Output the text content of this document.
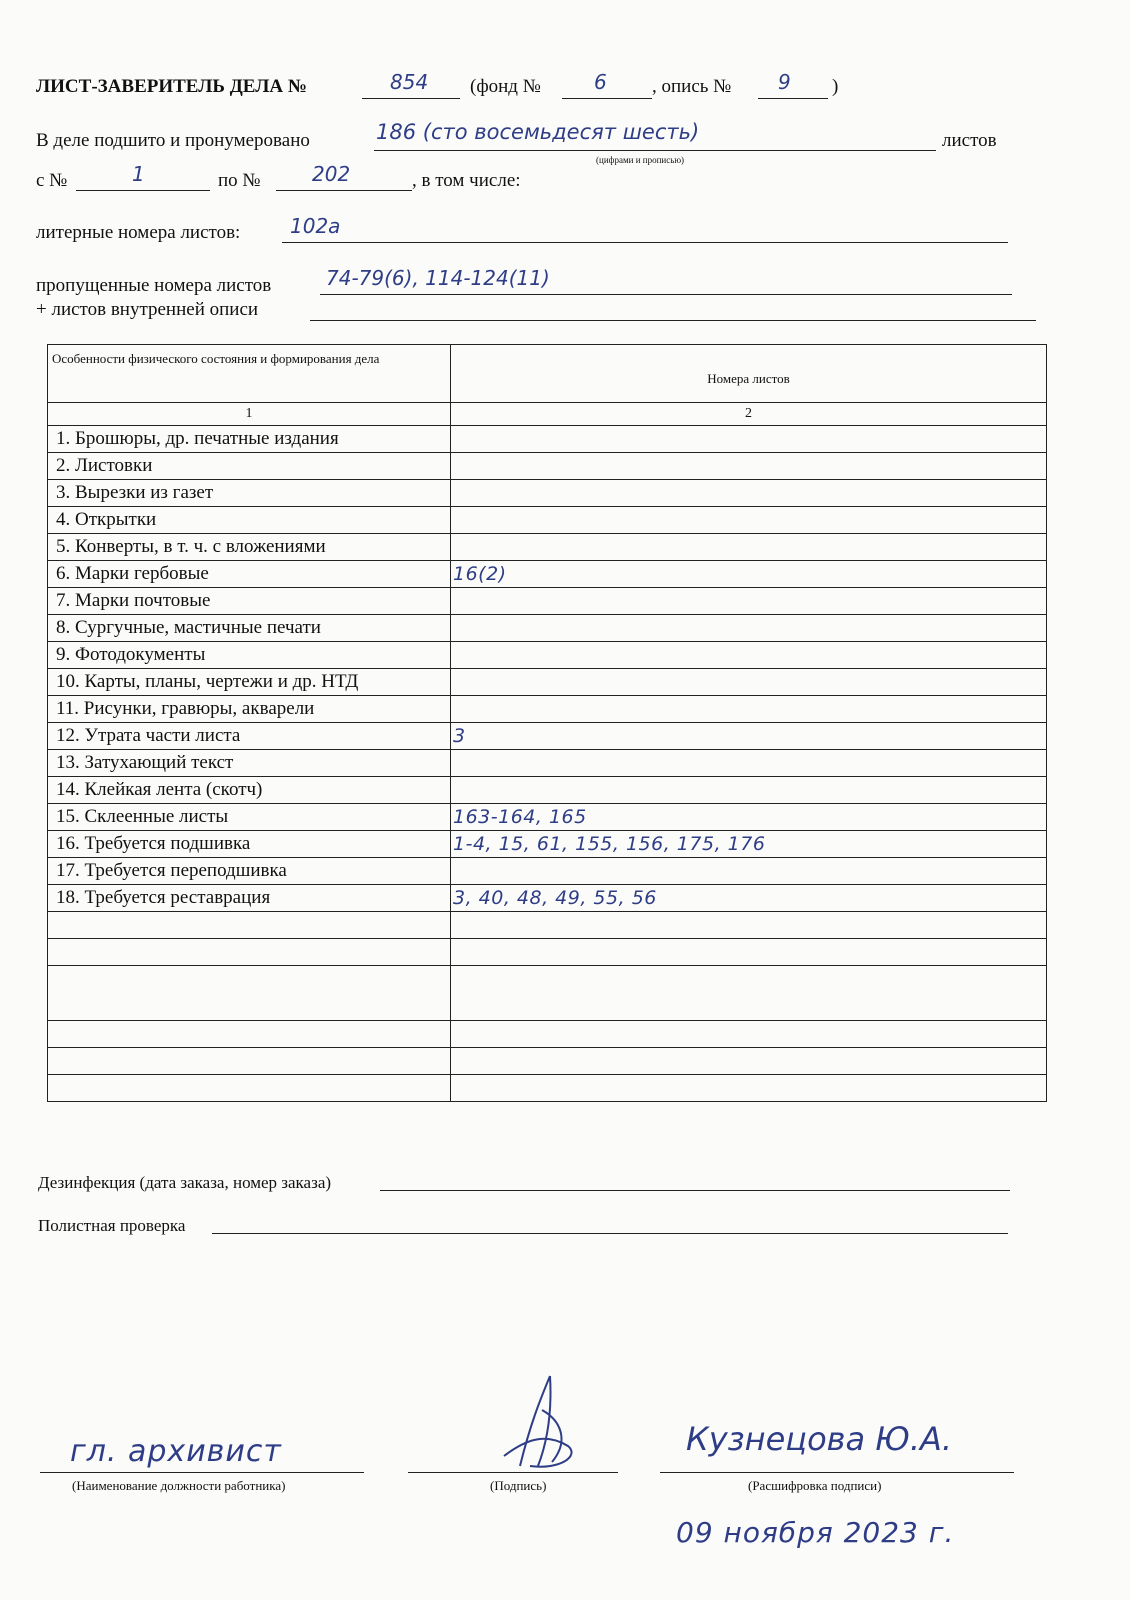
ЛИСТ-ЗАВЕРИТЕЛЬ ДЕЛА №	854 (фонд №	6 , опись № 9 )
В деле подшито и пронумеровано	186 (сто восемьдесят шесть)
(цифрами и прописью)
листов
с №	1	по №	202	, в том числе:
литерные номера листов: 102а
пропущенные номера листов	74-79(6), 114-124(11)
+ листов внутренней описи
Особенности физического состояния и формирования дела	Номера листов
1	2
1. Брошюры, др. печатные издания	
2. Листовки	
3. Вырезки из газет	
4. Открытки	
5. Конверты, в т. ч. с вложениями	
6. Марки гербовые	16(2)
7. Марки почтовые	
8. Сургучные, мастичные печати	
9. Фотодокументы	
10. Карты, планы, чертежи и др. НТД	
11. Рисунки, гравюры, акварели	
12. Утрата части листа	3
13. Затухающий текст	
14. Клейкая лента (скотч)	
15. Склеенные листы	163-164, 165
16. Требуется подшивка	1-4, 15, 61, 155, 156, 175, 176
17. Требуется переподшивка	
18. Требуется реставрация	3, 40, 48, 49, 55, 56

Дезинфекция (дата заказа, номер заказа)
Полистная проверка
гл. архивист
(Наименование должности работника)	(Подпись)
Кузнецова Ю.А.
(Расшифровка подписи)
09 ноября 2023 г.
